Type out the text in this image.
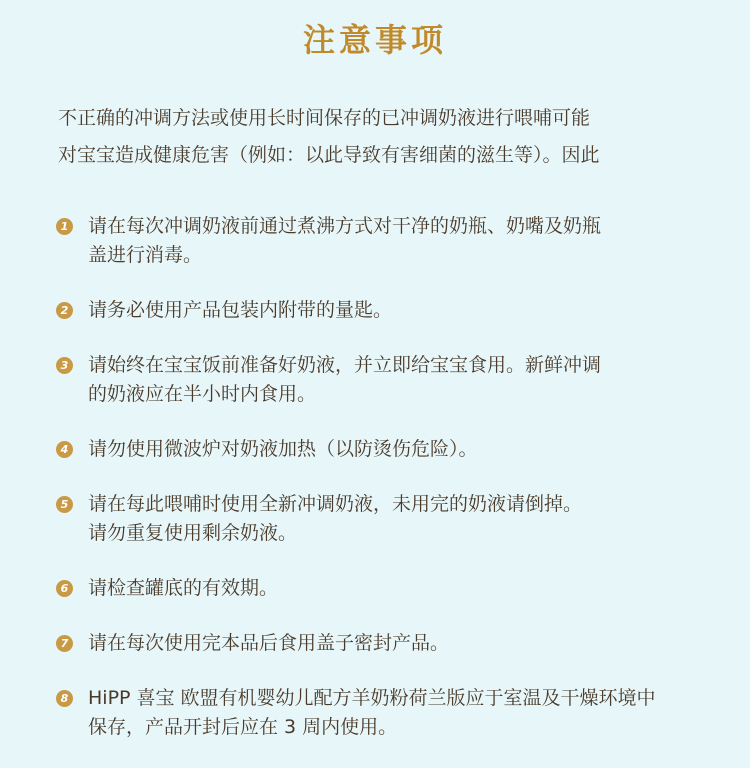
注意事项
不正确的冲调方法或使用长时间保存的已冲调奶液进行喂哺可能
对宝宝造成健康危害（例如：以此导致有害细菌的滋生等）。因此
1 请在每次冲调奶液前通过煮沸方式对干净的奶瓶、奶嘴及奶瓶
盖进行消毒。
2 请务必使用产品包装内附带的量匙。
3 请始终在宝宝饭前准备好奶液，并立即给宝宝食用。新鲜冲调
的奶液应在半小时内食用。
4 请勿使用微波炉对奶液加热（以防烫伤危险）。
5 请在每此喂哺时使用全新冲调奶液，未用完的奶液请倒掉。
请勿重复使用剩余奶液。
6 请检查罐底的有效期。
7 请在每次使用完本品后食用盖子密封产品。
8 HiPP 喜宝 欧盟有机婴幼儿配方羊奶粉荷兰版应于室温及干燥环境中
保存，产品开封后应在 3 周内使用。
